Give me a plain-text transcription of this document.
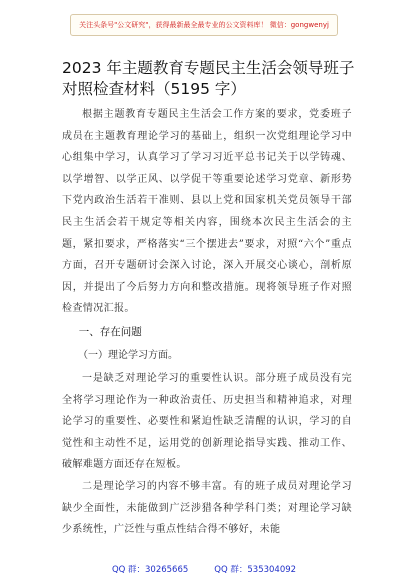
关注头条号"公文研究"，获得最新最全最专业的公文资料库！ 微信：gongwenyj
2023 年主题教育专题民主生活会领导班子
对照检查材料（5195 字）

根据主题教育专题民主生活会工作方案的要求，党委班子成员在主题教育理论学习的基础上，组织一次党组理论学习中心组集中学习，认真学习了学习习近平总书记关于以学铸魂、以学增智、以学正风、以学促干等重要论述学习党章、新形势下党内政治生活若干准则、县以上党和国家机关党员领导干部民主生活会若干规定等相关内容，围绕本次民主生活会的主题，紧扣要求，严格落实“三个摆进去”要求，对照“六个”重点方面，召开专题研讨会深入讨论，深入开展交心谈心，剖析原因，并提出了今后努力方向和整改措施。现将领导班子作对照检查情况汇报。

一、存在问题

（一）理论学习方面。

一是缺乏对理论学习的重要性认识。部分班子成员没有完全将学习理论作为一种政治责任、历史担当和精神追求，对理论学习的重要性、必要性和紧迫性缺乏清醒的认识，学习的自觉性和主动性不足，运用党的创新理论指导实践、推动工作、破解难题方面还存在短板。

二是理论学习的内容不够丰富。有的班子成员对理论学习缺少全面性，未能做到广泛涉猎各种学科门类；对理论学习缺少系统性，广泛性与重点性结合得不够好，未能

QQ 群：30265665	QQ 群：535304092
